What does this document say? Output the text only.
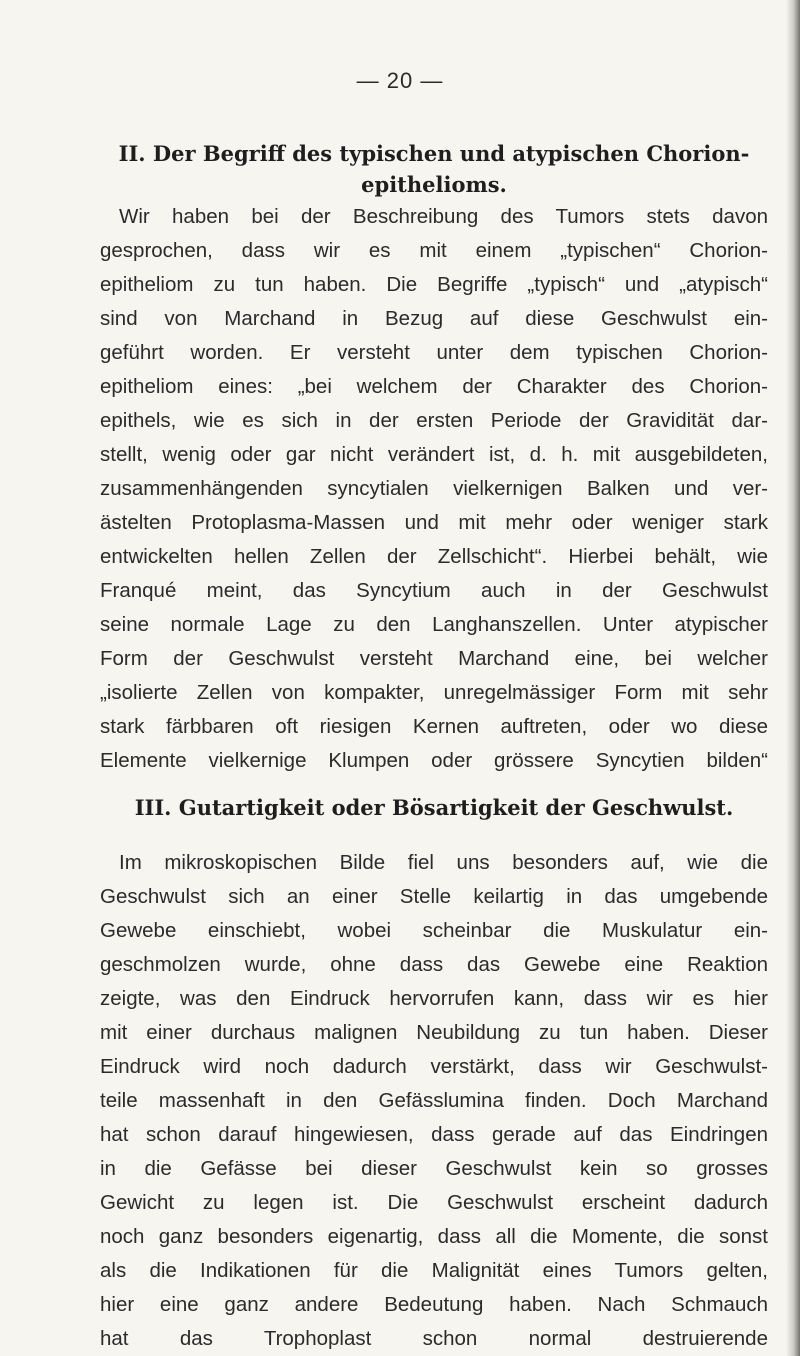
— 20 —
II. Der Begriff des typischen und atypischen Chorion-
epithelioms.
Wir haben bei der Beschreibung des Tumors stets davon
gesprochen, dass wir es mit einem „typischen“ Chorion-
epitheliom zu tun haben. Die Begriffe „typisch“ und „atypisch“
sind von Marchand in Bezug auf diese Geschwulst ein-
geführt worden. Er versteht unter dem typischen Chorion-
epitheliom eines: „bei welchem der Charakter des Chorion-
epithels, wie es sich in der ersten Periode der Gravidität dar-
stellt, wenig oder gar nicht verändert ist, d. h. mit ausgebildeten,
zusammenhängenden syncytialen vielkernigen Balken und ver-
ästelten Protoplasma-Massen und mit mehr oder weniger stark
entwickelten hellen Zellen der Zellschicht“. Hierbei behält, wie
Franqué meint, das Syncytium auch in der Geschwulst
seine normale Lage zu den Langhanszellen. Unter atypischer
Form der Geschwulst versteht Marchand eine, bei welcher
„isolierte Zellen von kompakter, unregelmässiger Form mit sehr
stark färbbaren oft riesigen Kernen auftreten, oder wo diese
Elemente vielkernige Klumpen oder grössere Syncytien bilden“
III. Gutartigkeit oder Bösartigkeit der Geschwulst.
Im mikroskopischen Bilde fiel uns besonders auf, wie die
Geschwulst sich an einer Stelle keilartig in das umgebende
Gewebe einschiebt, wobei scheinbar die Muskulatur ein-
geschmolzen wurde, ohne dass das Gewebe eine Reaktion
zeigte, was den Eindruck hervorrufen kann, dass wir es hier
mit einer durchaus malignen Neubildung zu tun haben. Dieser
Eindruck wird noch dadurch verstärkt, dass wir Geschwulst-
teile massenhaft in den Gefässlumina finden. Doch Marchand
hat schon darauf hingewiesen, dass gerade auf das Eindringen
in die Gefässe bei dieser Geschwulst kein so grosses
Gewicht zu legen ist. Die Geschwulst erscheint dadurch
noch ganz besonders eigenartig, dass all die Momente, die sonst
als die Indikationen für die Malignität eines Tumors gelten,
hier eine ganz andere Bedeutung haben. Nach Schmauch
hat das Trophoplast schon normal destruierende
